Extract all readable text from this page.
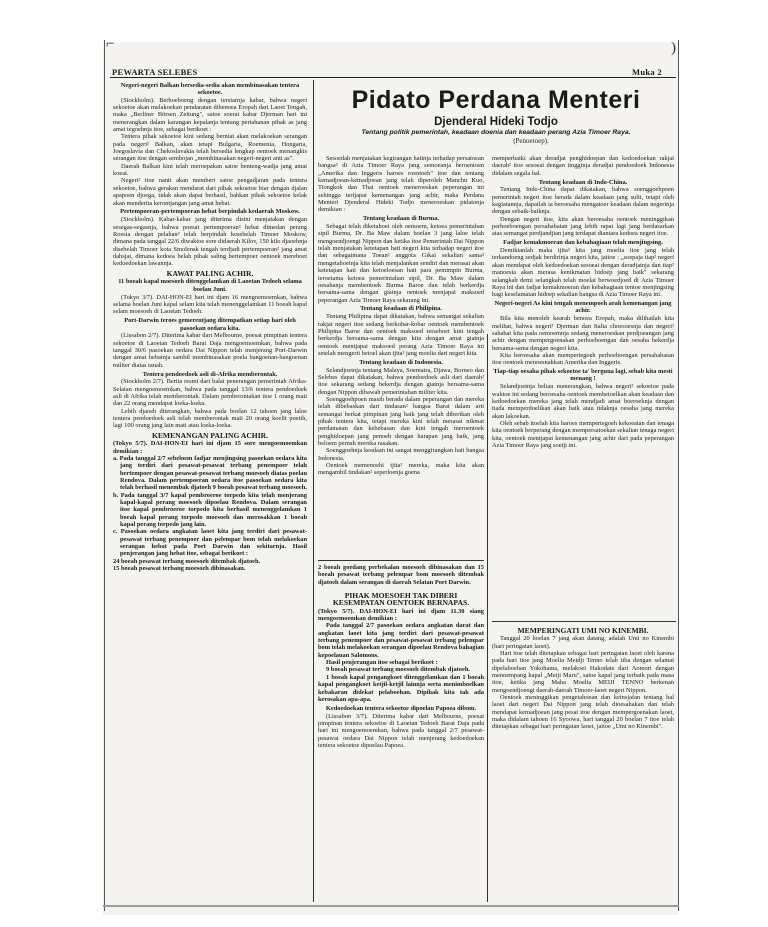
⌐	)
PEWARTA SELEBES	Muka 2

Negeri-negeri Balkan bersedia-sedia akan membinasakan tentera sekoetoe.

(Stockholm). Berhoeboeng dengan tersiarnja kabar, bahwa negeri sekoetoe akan melakoekan pendaratan dibenoea Eropah dari Laoet Tengah, maka „Berliner Börsen Zeitung", satoe soerat kabar Djerman hari ini menerangkan dalam karangan kepalanja tentang pertahanan pihak as jang amat tegoehnja itoe, sebagai berikoet :

Tentera pihak sekoetoe kini sedang berniat akan melakoekan serangan pada negeri² Balkan, akan tetapi Bulgaria, Roemenia, Hongaria, Joegoslavia dan Chekoslavakia telah bersedia lengkap oentoek menangkis serangan itoe dengan sembojan „membinasakan negeri-negeri anti as".

Daerah Balkan kini telah meroepakan satoe benteng-wadja jang amat koeat.

Negeri² itoe nanti akan memberi satoe pengadjaran pada tentera sekoetoe, bahwa gerakan mendarat dari pihak sekoetoe biar dengan djalan apapoen djoega, tidak akan dapat berhasil, bahkan pihak sekoetoe kelak akan menderita kerontjangan jang amat hebat.

Pertempoeran-pertempoeran hebat berpindah kedaerah Moskow.

(Stockholm). Kabar-kabar jang diterima disini menjatakan dengan sesegas-segasnja, bahwa poesat pertempoeran² hebat dimedan perang Roesia dengan pelahan² telah berpindah kesebelah Timoer Moskow, dimana pada tanggal 22/6 diwaktoe sore didaerah Kilov, 150 kilo djaoehnja disebelah Timoer kota Smolensk tengah terdjadi pertempoeran² jang amat dahsjat, dimana kedoea belah pihak saling bertempoer oentoek mereboet kedoedoekan lawannja.

KAWAT PALING ACHIR.

11 boeah kapal moesoeh ditenggelamkan di Laoetan Tedoeh selama boelan Juni.

(Tokyo 3/7). DAI-HON-EI hari ini djam 16 mengoemoemkan, bahwa selama boelan Juni kapal selam kita telah menenggelamkan 11 boeah kapal selam moesoeh di Laoetan Tedoeh.

Port-Darwin teroes gemerentjang ditempatkan setiap hari oleh pasoekan oedara kita.

(Lissabon 2/7). Diterima kabar dari Melbourne, poesat pimpinan tentera sekoetoe di Laoetan Tedoeh Barat Daja mengoemoemkan, bahwa pada tanggal 30/6 pasoekan oedara Dai Nippon telah menjerang Port-Darwin dengan amat hebatnja sambil membinasakan poela bangoenan-bangoenan militer diatas tanah.

Tentera pendoedoek asli di-Afrika memberontak.

(Stockholm 2/7). Berita resmi dari balai penerangan pemerintah Afrika-Selatan mengoemoemkan, bahwa pada tanggal 13/6 tentera pendoedoek asli di Afrika telah memberontak. Dalam pemberontakan itoe 1 orang mati dan 22 orang mendapat loeka-loeka.

Lebih djaoeh diterangkan, bahwa pada boelan 12 tahoen jang laloe tentera pendoedoek asli telah memberontak mati 20 orang koelit poetih, lagi 100 orang jang lain mati atau loeka-loeka.

KEMENANGAN PALING ACHIR.

(Tokyo 5/7). DAI-HON-EI hari ini djam 15 sore mengoemoemkan demikian :

a. Pada tanggal 2/7 sebeloem fadjar menjingsing pasoekan oedara kita jang terdiri dari pesawat-pesawat terbang penempoer telah bertempoer dengan pesawat-pesawat terbang moesoeh diatas poelau Rendova. Dalam pertempoeran oedara itoe pasoekan oedara kita telah berhasil menembak djatoeh 9 boeah pesawat terbang moesoeh.

b. Pada tanggal 3/7 kapal pembroeroe torpedo kita telah menjerang kapal-kapal perang moesoeh dipoelau Rendova. Dalam serangan itoe kapal pembroeroe torpedo kita berhasil menenggelamkan 1 boeah kapal perang torpedo moesoeh dan merosakkan 1 boeah kapal perang torpedo jang lain.

c. Pasoekan oedara angkatan laoet kita jang terdiri dari pesawat-pesawat terbang penempoer dan pelempar bom telah melakoekan serangan hebat pada Port Darwin dan sekitarnja. Hasil penjerangan jang hebat itoe, sebagai berikoet :

24 boeah pesawat terbang moesoeh ditembak djatoeh.

15 boeah pesawat terbang moesoeh dibinasakan.

Pidato Perdana Menteri
Djenderal Hideki Todjo
Tentang politik pemerintah, keadaan doenia dan keadaan perang Azia Timoer Raya.
(Penoetoep).

Sesoedah menjatakan kegirangan hatinja terhadap persatoean bangsa² di Azia Timoer Raya jang semoeanja beroentoen „Amerika dan Inggeris haroes roentoeh" itoe dan tentang kemadjoean-kemadjoean jang telah diperoleh Manchu Kuo, Tiongkok dan Thai oentoek meneroeskan peperangan ini sehingga tertjapai kemenangan jang achir, maka Perdana Menteri Djenderal Hideki Todjo meneroeskan pidatonja demikian :

Tentang keadaan di Burma.

Sebagai telah diketahoei oleh oemoem, ketoea pemerintahan sipil Burma, Dr. Ba Maw dalam boelan 3 jang laloe telah mengoendjoengi Nippon dan ketika itoe Pemerintah Dai Nippon telah menjatakan ketetapan hati negeri kita terhadap negeri itoe dan sebagaimana Toean² anggota Gikai sekalian sama² mengetahoeinja kita telah menjalankan sendiri dan merasai akan ketetapan hati dan ketoeloesan hati para pemimpin Burma, teroetama ketoea pemerintahan sipil, Dr. Ba Maw dalam oesahanja membentoek Burma Baroe dan telah berkerdja bersama-sama dengan giatnja oentoek menjapai maksoed peperangan Azia Timoer Raya sekarang ini.

Tentang keadaan di Philipina.

Tentang Philipina dapat dikatakan, bahwa semangat sekalian rakjat negeri itoe sedang berkobar-kobar oentoek membentoek Philipina Baroe dan oentoek maksoed terseboet kini tengah berkerdja bersama-sama dengan kita dengan amat giatnja oentoek mentjapai maksoed perang Azia Timoer Raya ini setelah mengerti betoel akan tjita² jang moelia dari negeri kita.

Tentang keadaan di Indonesia.

Selandjoetnja tentang Malaya, Soematra, Djawa, Borneo dan Selebes dapat dikatakan, bahwa pendoedoek asli dari daerah² itoe sekarang sedang bekerdja dengan giatnja bersama-sama dengan Nippon dibawah pemerintahan militer kita.

Soenggoehpoen masih berada dalam peperangan dan mereka telah dibebaskan dari tindasan² bangsa Barat dalam arti semangat berkat pimpinan jang baik jang telah diberikan oleh pihak tentera kita, tetapi mereka kini telah merasai nikmat perdamaian dan kebebasan dan kini tengah meroentoek penghidoepan jang penoeh dengan harapan jang baik, jang beloem pernah mereka rasakan.

Soenggoehnja keadaan ini sangat menggirangkan hati bangsa Indonesia.

Oentoek memenoehi tjita² mereka, maka kita akan mengambil tindakan² seperloenja goena

memperbaiki akan deradjat penghidoepan dan kedoedoekan rakjat daerah² itoe sesoeai dengan tingginja deradjat pendoedoek Indonesia didalam segala hal.

Tentang keadaan di Indo-China.

Tentang Indo-China dapat dikatakan, bahwa soenggoehpoen pemerintah negeri itoe berada dalam keadaan jang sulit, tetapi oleh kegiatannja, dapatlah ia beroesaha mengatoer keadaan dalam negerinja dengan sebaik-baiknja.

Dengan negeri itoe, kita akan beroesaha oentoek meninggikan perhoeboengan persahabatan jang lebih rapat lagi jang berdasarkan atas semangat perdjandjian jang terdapat diantara kedoea negeri itoe.

Fadjar kemakmoeran dan kebahagiaan telah menjingsing.

Demikianlah maka tjita² kita jang moelia itoe jang telah terkandoeng sedjak berdirinja negeri kita, jaitoe : „soepaja tiap² negeri akan mendapat oleh kedoedoekan sesoeai dengan deradjatnja dan tiap² manoesia akan merasa kenikmatan hidoep jang baik" sekarang selangkah demi selangkah telah moelai berwoedjoed di Azia Timoer Raya ini dan fadjar kemakmoeran dan kebahagiaan tentoe menjingsing bagi keselamatan hidoep sekalian bangsa di Azia Timoer Raya ini.

Negeri-negeri As kini tengah menempoeh arah kemenangan jang achir.

Bila kita menoleh kearah benoea Eropah, maka dilihatlah kita melihat, bahwa negeri² Djerman dan Italia choesoesnja dan negeri² sahabat kita pada oemoemnja sedang meneroeskan perdjoeangan jang achir dengan mempergoenakan perhoeboengan dan oesaha bekerdja bersama-sama dengan negeri kita.

Kita beroesaha akan mempertegoeh perhoeboengan persahabatan itoe oentoek menoesnahkan Amerika dan Inggeris.

Tiap-tiap oesaha pihak sekoetoe ta' berguna lagi, sebab kita mesti menang !

Selandjoetnja beliau menerangkan, bahwa negeri² sekoetoe pada waktoe ini sedang beroesaha oentoek membetoelkan akan keadaan dan kedoedoekan mereka jang telah mendjadi amat boeroeknja dengan tiada memperdoelikan akan baik atau tidaknja oesaha jang mereka akan lakoekan.

Oleh sebab itoelah kita haroes mempertegoeh kekoeatan dan tenaga kita oentoek berperang dengan mempersatoekan sekalian tenaga negeri kita, oentoek mentjapai kemenangan jang achir dari pada peperangan Azia Timoer Raya jang soetji ini.

2 boeah goedang perbekalan moesoeh dibinasakan dan 15 boeah pesawat terbang pelempar bom moesoeh ditembak djatoeh dalam serangan di daerah Selatan Port Darwin.

PIHAK MOESOEH TAK DIBERI KESEMPATAN OENTOEK BERNAPAS.

(Tokyo 5/7). DAI-HON-EI hari ini djam 11.30 siang mengoemoemkan demikian :

Pada tanggal 2/7 pasoekan oedara angkatan darat dan angkatan laoet kita jang terdiri dari pesawat-pesawat terbang penempoer dan pesawat-pesawat terbang pelempar bom telah melakoekan serangan dipoelau Rendova bahagian kepoelauan Salomons.

Hasil penjerangan itoe sebagai berikoet :

9 boeah pesawat terbang moesoeh ditembak djatoeh.

1 boeah kapal pengangkoet ditenggelamkan dan 1 boeah kapal pengangkoet ketjil-ketjil lainnja serta menimboelkan kebakaran didekat pelaboehan. Dipihak kita tak ada kerosakan apa-apa.

Kedoedoekan tentera sekoetoe dipoelau Papoea dibom.

(Lissabon 3/7). Diterima kabar dari Melbourne, poesat pimpinan tentera sekoetoe di Laoetan Tedoeh Barat Daja pada hari ini mengoemoemkan, bahwa pada tanggal 2/7 pesawat-pesawat oedara Dai Nippon telah menjerang kedoedoekan tentera sekoetoe dipoelau Papoea.

MEMPERINGATI UMI NO KINEMBI.

Tanggal 20 boelan 7 jang akan datang, adalah Umi no Kinembi (hari peringatan laoet).

Hari itoe telah ditetapkan sebagai hari peringatan laoet oleh karena pada hari itoe jang Moelia Meidji Tenno telah tiba dengan selamat dipelaboehan Yokohama, melakoei Hakodate dari Aomori dengan menoempang kapal „Meiji Maru", satoe kapal jang terbaik pada masa itoe, ketika jang Maha Moelia MEIJI TENNO berkenan mengoendjoengi daerah-daerah Timoer-laoet negeri Nippon.

Oentoek meninggikan pengetahoean dan keinsjafan tentang hal laoet dari negeri Dai Nippon jang telah dioesahakan dan telah mendapat kemadjoean jang pesat itoe dengan mempergoenakan laoet, maka didalam tahoen 16 Syoowa, hari tanggal 20 boelan 7 itoe telah ditetapkan sebagai hari peringatan laoet, jaitoe „Umi no Kinembi".
